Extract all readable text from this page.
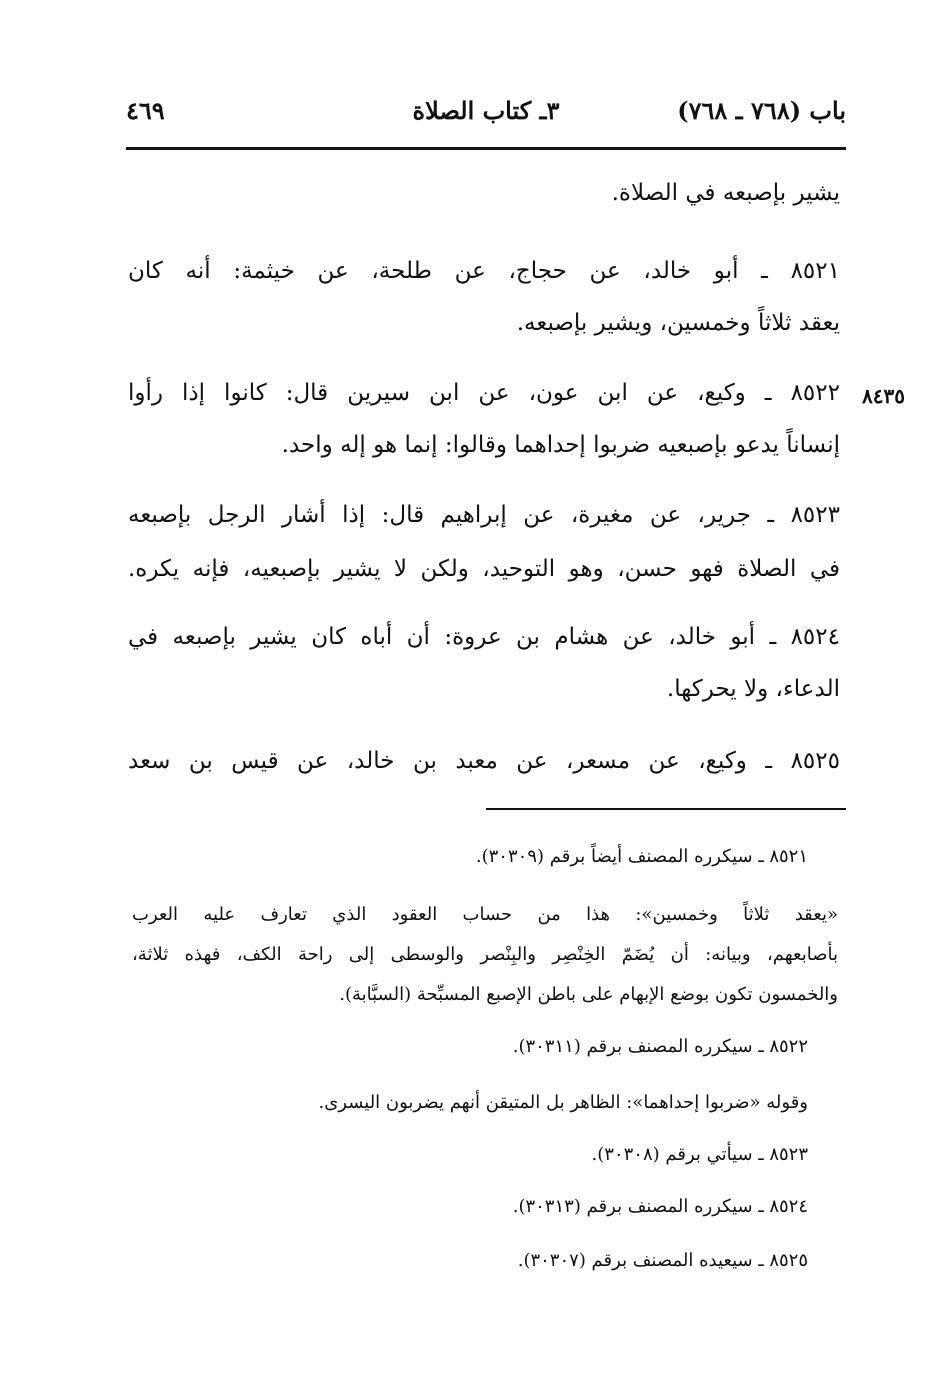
باب (٧٦٨ ـ ٧٦٨)
٣ـ كتاب الصلاة
٤٦٩
٨٤٣٥
يشير بإصبعه في الصلاة.
٨٥٢١ ـ أبو خالد، عن حجاج، عن طلحة، عن خيثمة: أنه كان
يعقد ثلاثاً وخمسين، ويشير بإصبعه.
٨٥٢٢ ـ وكيع، عن ابن عون، عن ابن سيرين قال: كانوا إذا رأوا
إنساناً يدعو بإصبعيه ضربوا إحداهما وقالوا: إنما هو إله واحد.
٨٥٢٣ ـ جرير، عن مغيرة، عن إبراهيم قال: إذا أشار الرجل بإصبعه
في الصلاة فهو حسن، وهو التوحيد، ولكن لا يشير بإصبعيه، فإنه يكره.
٨٥٢٤ ـ أبو خالد، عن هشام بن عروة: أن أباه كان يشير بإصبعه في
الدعاء، ولا يحركها.
٨٥٢٥ ـ وكيع، عن مسعر، عن معبد بن خالد، عن قيس بن سعد
٨٥٢١ ـ سيكرره المصنف أيضاً برقم (٣٠٣٠٩).
«يعقد ثلاثاً وخمسين»: هذا من حساب العقود الذي تعارف عليه العرب
بأصابعهم، وبيانه: أن يُضَمّ الخِنْصِر والبِنْصر والوسطى إلى راحة الكف، فهذه ثلاثة،
والخمسون تكون بوضع الإبهام على باطن الإصبع المسبِّحة (السبَّابة).
٨٥٢٢ ـ سيكرره المصنف برقم (٣٠٣١١).
وقوله «ضربوا إحداهما»: الظاهر بل المتيقن أنهم يضربون اليسرى.
٨٥٢٣ ـ سيأتي برقم (٣٠٣٠٨).
٨٥٢٤ ـ سيكرره المصنف برقم (٣٠٣١٣).
٨٥٢٥ ـ سيعيده المصنف برقم (٣٠٣٠٧).
